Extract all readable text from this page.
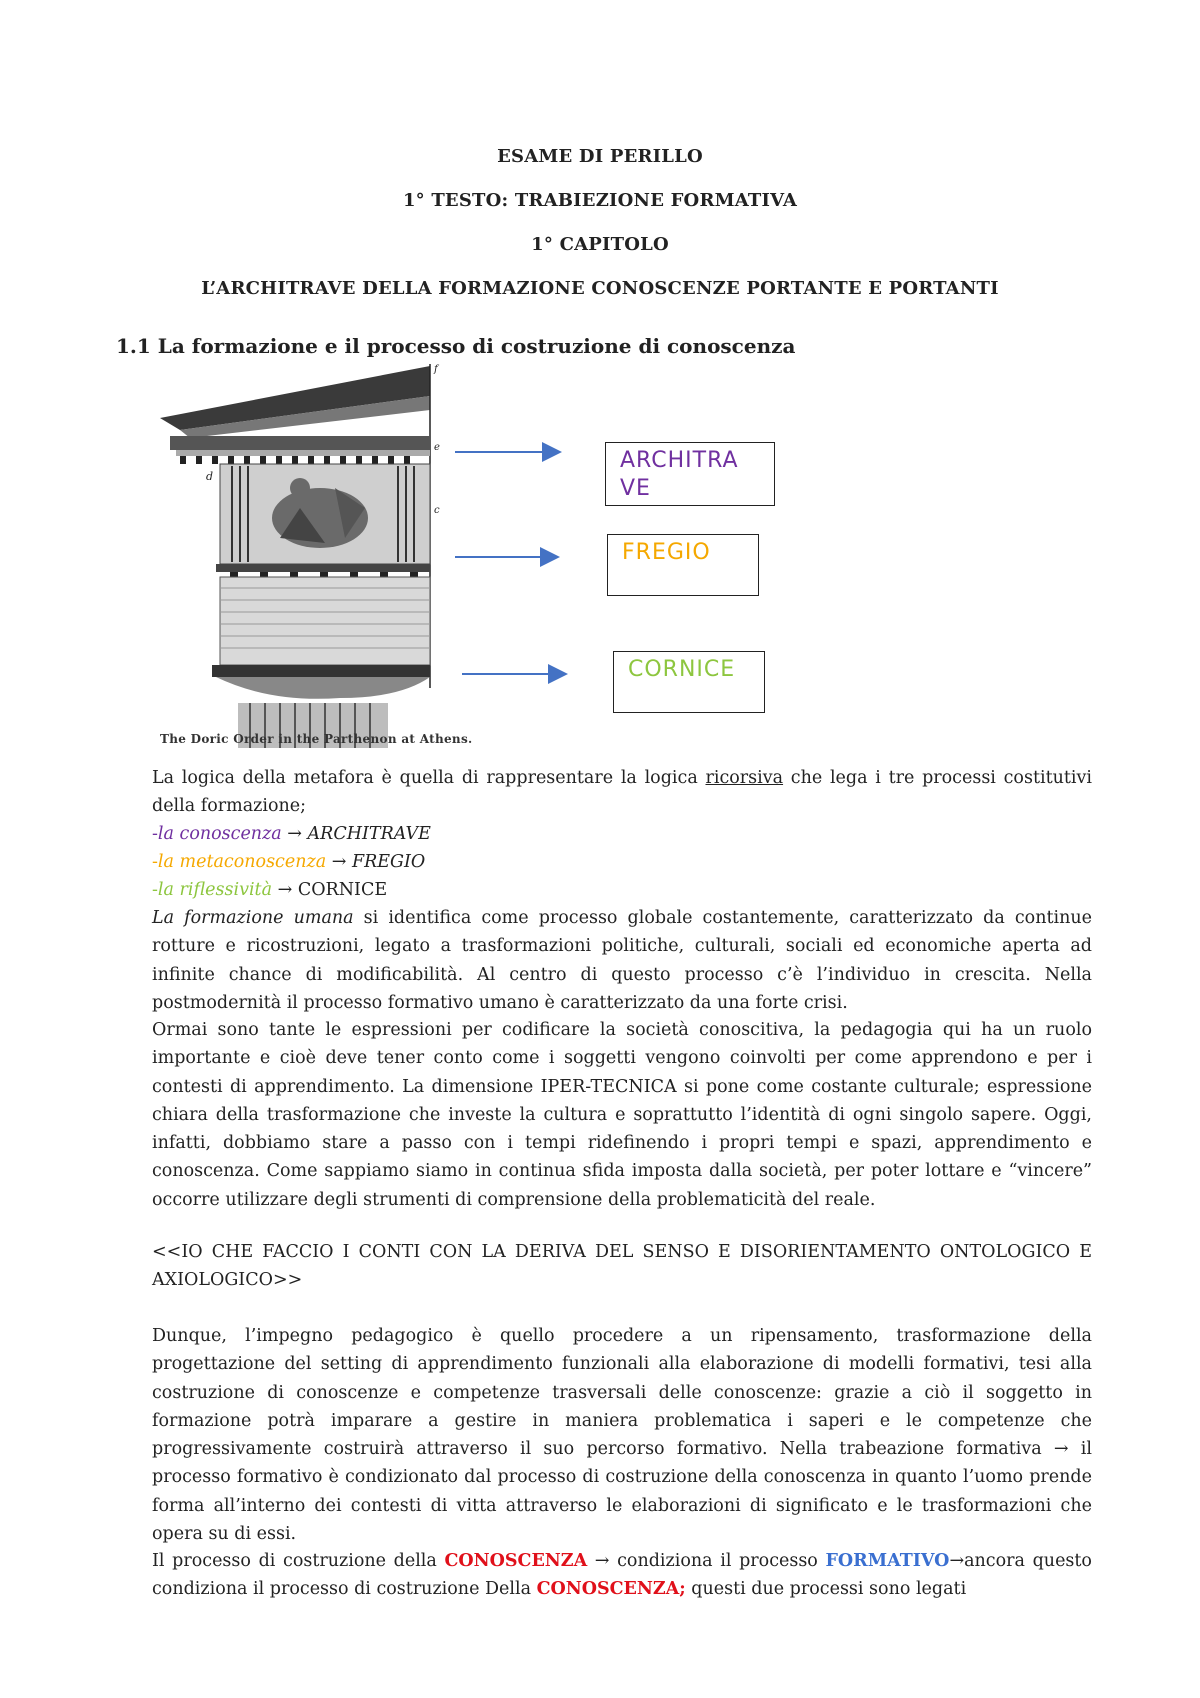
ESAME DI PERILLO
1° TESTO: TRABIEZIONE FORMATIVA
1° CAPITOLO
L’ARCHITRAVE DELLA FORMAZIONE CONOSCENZE PORTANTE E PORTANTI
1.1 La formazione e il processo di costruzione di conoscenza
f
e
d
c
The Doric Order in the Parthenon at Athens.
ARCHITRA VE
FREGIO
CORNICE
La logica della metafora è quella di rappresentare la logica ricorsiva che lega i tre processi costitutivi della formazione;
-la conoscenza → ARCHITRAVE
-la metaconoscenza → FREGIO
-la riflessività → CORNICE
La formazione umana si identifica come processo globale costantemente, caratterizzato da continue rotture e ricostruzioni, legato a trasformazioni politiche, culturali, sociali ed economiche aperta ad infinite chance di modificabilità. Al centro di questo processo c’è l’individuo in crescita. Nella postmodernità il processo formativo umano è caratterizzato da una forte crisi.
Ormai sono tante le espressioni per codificare la società conoscitiva, la pedagogia qui ha un ruolo importante e cioè deve tener conto come i soggetti vengono coinvolti per come apprendono e per i contesti di apprendimento. La dimensione IPER-TECNICA si pone come costante culturale; espressione chiara della trasformazione che investe la cultura e soprattutto l’identità di ogni singolo sapere. Oggi, infatti, dobbiamo stare a passo con i tempi ridefinendo i propri tempi e spazi, apprendimento e conoscenza. Come sappiamo siamo in continua sfida imposta dalla società, per poter lottare e “vincere” occorre utilizzare degli strumenti di comprensione della problematicità del reale.
<<IO CHE FACCIO I CONTI CON LA DERIVA DEL SENSO E DISORIENTAMENTO ONTOLOGICO E AXIOLOGICO>>
Dunque, l’impegno pedagogico è quello procedere a un ripensamento, trasformazione della progettazione del setting di apprendimento funzionali alla elaborazione di modelli formativi, tesi alla costruzione di conoscenze e competenze trasversali delle conoscenze: grazie a ciò il soggetto in formazione potrà imparare a gestire in maniera problematica i saperi e le competenze che progressivamente costruirà attraverso il suo percorso formativo. Nella trabeazione formativa → il processo formativo è condizionato dal processo di costruzione della conoscenza in quanto l’uomo prende forma all’interno dei contesti di vitta attraverso le elaborazioni di significato e le trasformazioni che opera su di essi.
Il processo di costruzione della CONOSCENZA → condiziona il processo FORMATIVO→ancora questo condiziona il processo di costruzione Della CONOSCENZA; questi due processi sono legati
